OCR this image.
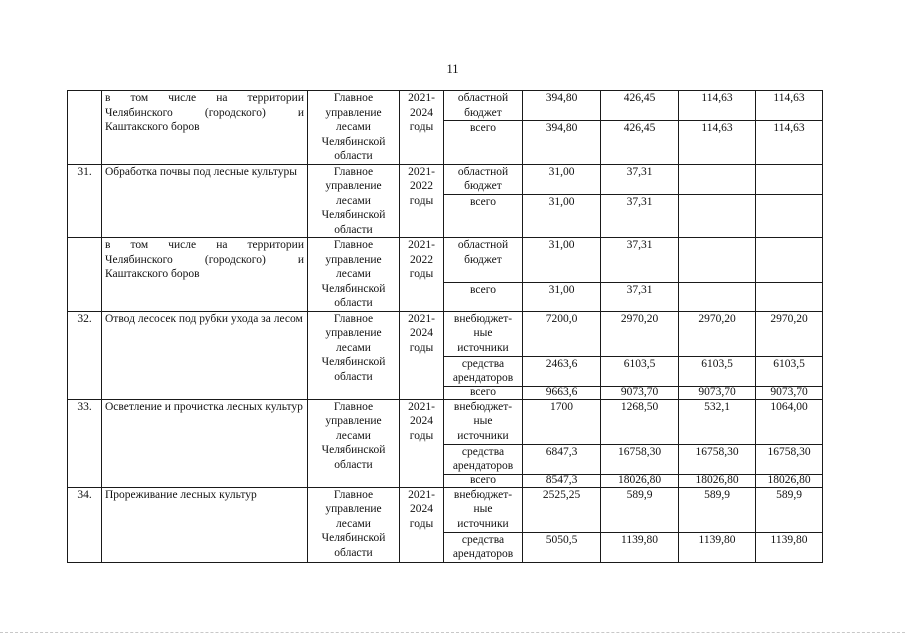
11
	в том числе на территории Челябинского (городского) и Каштакского боров	Главное управление лесами Челябинской области	2021-2024 годы	областной бюджет	394,80	426,45	114,63	114,63
				всего	394,80	426,45	114,63	114,63
31.	Обработка почвы под лесные культуры	Главное управление лесами Челябинской области	2021-2022 годы	областной бюджет	31,00	37,31		
				всего	31,00	37,31		
	в том числе на территории Челябинского (городского) и Каштакского боров	Главное управление лесами Челябинской области	2021-2022 годы	областной бюджет	31,00	37,31		
				всего	31,00	37,31		
32.	Отвод лесосек под рубки ухода за лесом	Главное управление лесами Челябинской области	2021-2024 годы	внебюджет-ные источники	7200,0	2970,20	2970,20	2970,20
				средства арендаторов	2463,6	6103,5	6103,5	6103,5
				всего	9663,6	9073,70	9073,70	9073,70
33.	Осветление и прочистка лесных культур	Главное управление лесами Челябинской области	2021-2024 годы	внебюджет-ные источники	1700	1268,50	532,1	1064,00
				средства арендаторов	6847,3	16758,30	16758,30	16758,30
				всего	8547,3	18026,80	18026,80	18026,80
34.	Прореживание лесных культур	Главное управление лесами Челябинской области	2021-2024 годы	внебюджет-ные источники	2525,25	589,9	589,9	589,9
				средства арендаторов	5050,5	1139,80	1139,80	1139,80
